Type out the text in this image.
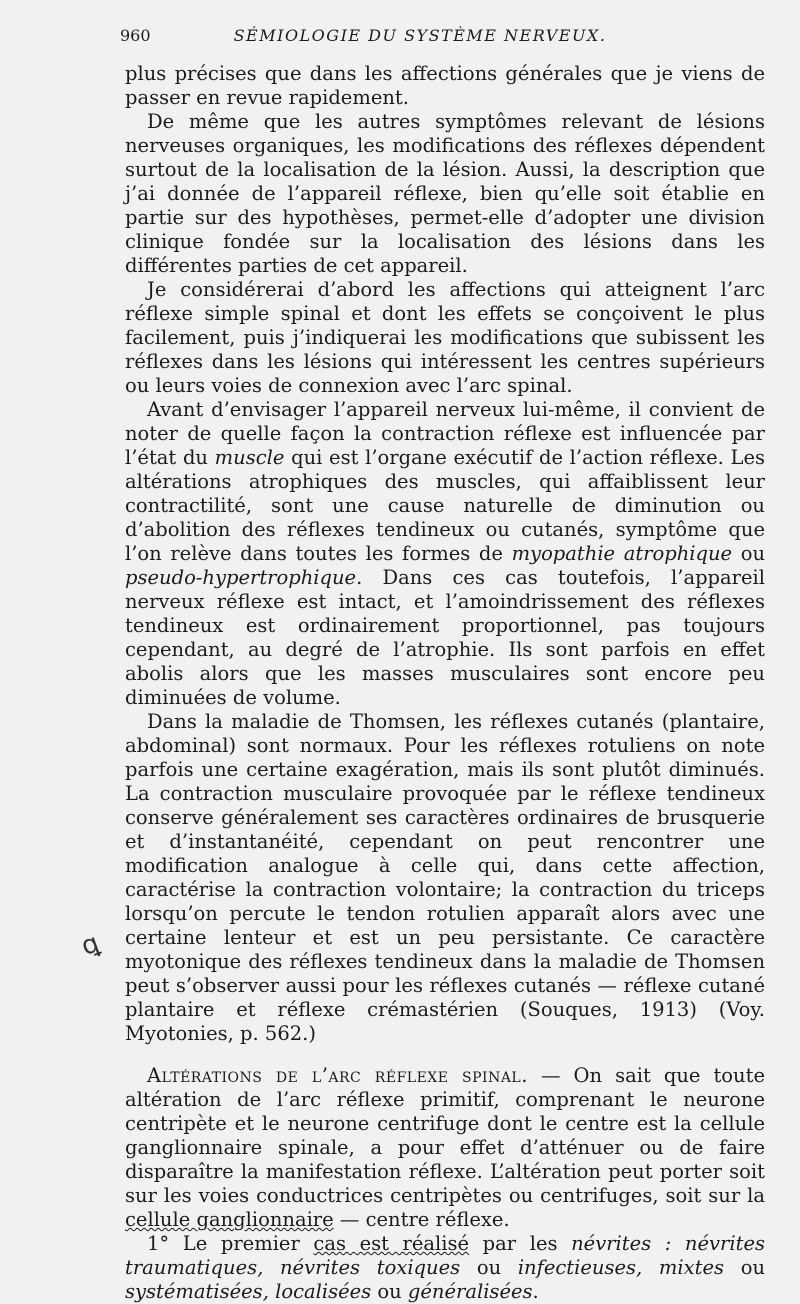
960	SÉMIOLOGIE DU SYSTÈME NERVEUX.
ꝗ

plus précises que dans les affections générales que je viens de passer en revue rapidement.

De même que les autres symptômes relevant de lésions nerveuses organiques, les modifications des réflexes dépendent surtout de la localisation de la lésion. Aussi, la description que j’ai donnée de l’appareil réflexe, bien qu’elle soit établie en partie sur des hypothèses, permet-elle d’adopter une division clinique fondée sur la localisation des lésions dans les différentes parties de cet appareil.

Je considérerai d’abord les affections qui atteignent l’arc réflexe simple spinal et dont les effets se conçoivent le plus facilement, puis j’indiquerai les modifications que subissent les réflexes dans les lésions qui intéressent les centres supérieurs ou leurs voies de connexion avec l’arc spinal.

Avant d’envisager l’appareil nerveux lui-même, il convient de noter de quelle façon la contraction réflexe est influencée par l’état du muscle qui est l’organe exécutif de l’action réflexe. Les altérations atrophiques des muscles, qui affaiblissent leur contractilité, sont une cause naturelle de diminution ou d’abolition des réflexes tendineux ou cutanés, symptôme que l’on relève dans toutes les formes de myopathie atrophique ou pseudo-hypertrophique. Dans ces cas toutefois, l’appareil nerveux réflexe est intact, et l’amoindrissement des réflexes tendineux est ordinairement proportionnel, pas toujours cependant, au degré de l’atrophie. Ils sont parfois en effet abolis alors que les masses musculaires sont encore peu diminuées de volume.

Dans la maladie de Thomsen, les réflexes cutanés (plantaire, abdominal) sont normaux. Pour les réflexes rotuliens on note parfois une certaine exagération, mais ils sont plutôt diminués. La contraction musculaire provoquée par le réflexe tendineux conserve généralement ses caractères ordinaires de brusquerie et d’instantanéité, cependant on peut rencontrer une modification analogue à celle qui, dans cette affection, caractérise la contraction volontaire; la contraction du triceps lorsqu’on percute le tendon rotulien apparaît alors avec une certaine lenteur et est un peu persistante. Ce caractère myotonique des réflexes tendineux dans la maladie de Thomsen peut s’observer aussi pour les réflexes cutanés — réflexe cutané plantaire et réflexe crémastérien (Souques, 1913) (Voy. Myotonies, p. 562.)

Altérations de l’arc réflexe spinal. — On sait que toute altération de l’arc réflexe primitif, comprenant le neurone centripète et le neurone centrifuge dont le centre est la cellule ganglionnaire spinale, a pour effet d’atténuer ou de faire disparaître la manifestation réflexe. L’altération peut porter soit sur les voies conductrices centripètes ou centrifuges, soit sur la cellule ganglionnaire — centre réflexe.

1° Le premier cas est réalisé par les névrites : névrites traumatiques, névrites toxiques ou infectieuses, mixtes ou systématisées, localisées ou généralisées.
